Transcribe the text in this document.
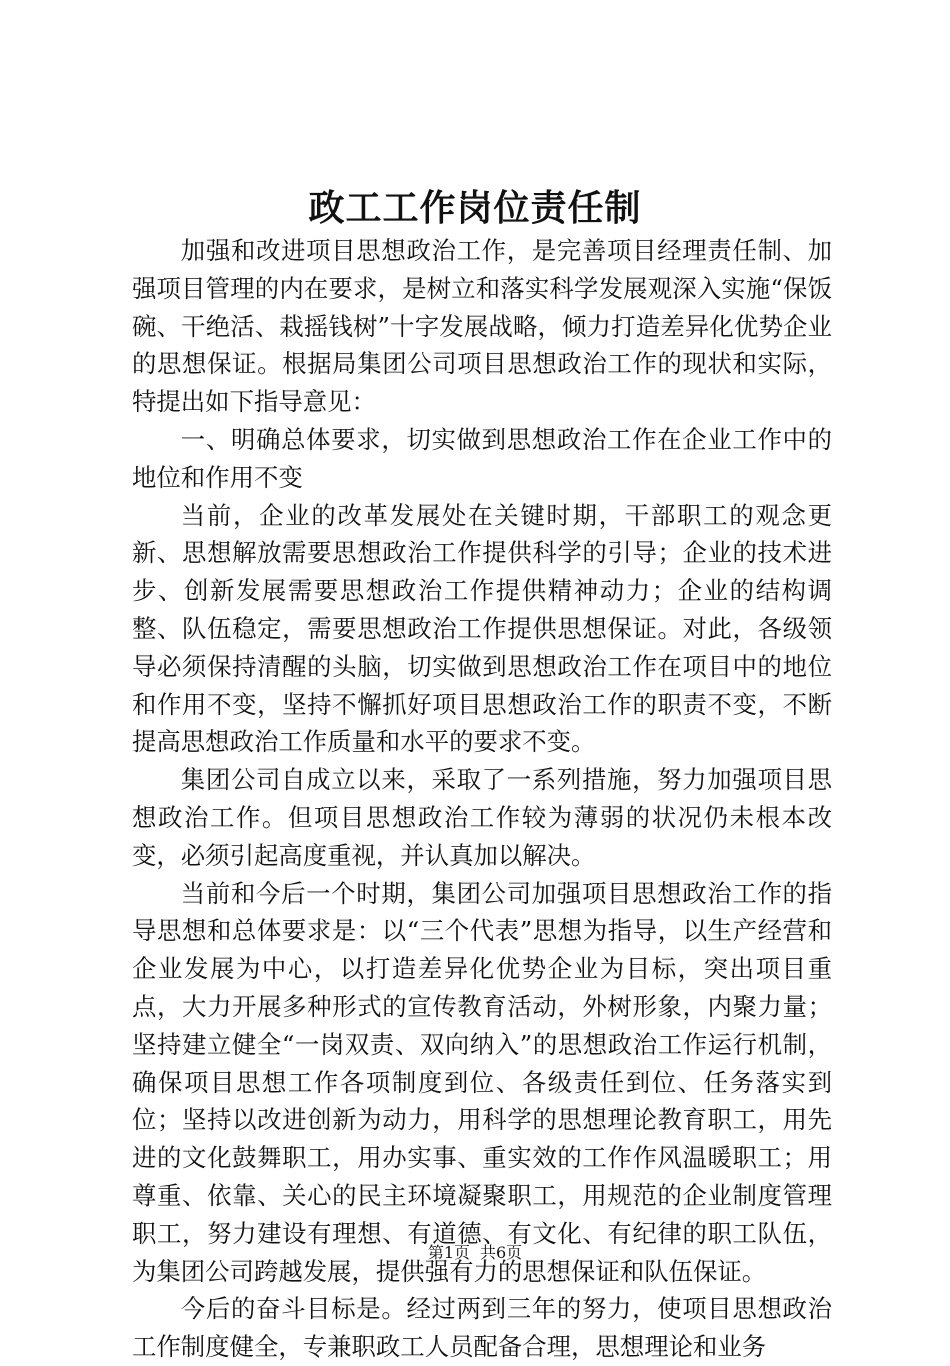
政工工作岗位责任制

加强和改进项目思想政治工作，是完善项目经理责任制、加强项目管理的内在要求，是树立和落实科学发展观深入实施“保饭碗、干绝活、栽摇钱树”十字发展战略，倾力打造差异化优势企业的思想保证。根据局集团公司项目思想政治工作的现状和实际，特提出如下指导意见：

一、明确总体要求，切实做到思想政治工作在企业工作中的地位和作用不变

当前，企业的改革发展处在关键时期，干部职工的观念更新、思想解放需要思想政治工作提供科学的引导；企业的技术进步、创新发展需要思想政治工作提供精神动力；企业的结构调整、队伍稳定，需要思想政治工作提供思想保证。对此，各级领导必须保持清醒的头脑，切实做到思想政治工作在项目中的地位和作用不变，坚持不懈抓好项目思想政治工作的职责不变，不断提高思想政治工作质量和水平的要求不变。

集团公司自成立以来，采取了一系列措施，努力加强项目思想政治工作。但项目思想政治工作较为薄弱的状况仍未根本改变，必须引起高度重视，并认真加以解决。

当前和今后一个时期，集团公司加强项目思想政治工作的指导思想和总体要求是：以“三个代表”思想为指导，以生产经营和企业发展为中心，以打造差异化优势企业为目标，突出项目重点，大力开展多种形式的宣传教育活动，外树形象，内聚力量；坚持建立健全“一岗双责、双向纳入”的思想政治工作运行机制，确保项目思想工作各项制度到位、各级责任到位、任务落实到位；坚持以改进创新为动力，用科学的思想理论教育职工，用先进的文化鼓舞职工，用办实事、重实效的工作作风温暖职工；用尊重、依靠、关心的民主环境凝聚职工，用规范的企业制度管理职工，努力建设有理想、有道德、有文化、有纪律的职工队伍，为集团公司跨越发展，提供强有力的思想保证和队伍保证。

今后的奋斗目标是。经过两到三年的努力，使项目思想政治工作制度健全，专兼职政工人员配备合理，思想理论和业务

第1页 共6页
